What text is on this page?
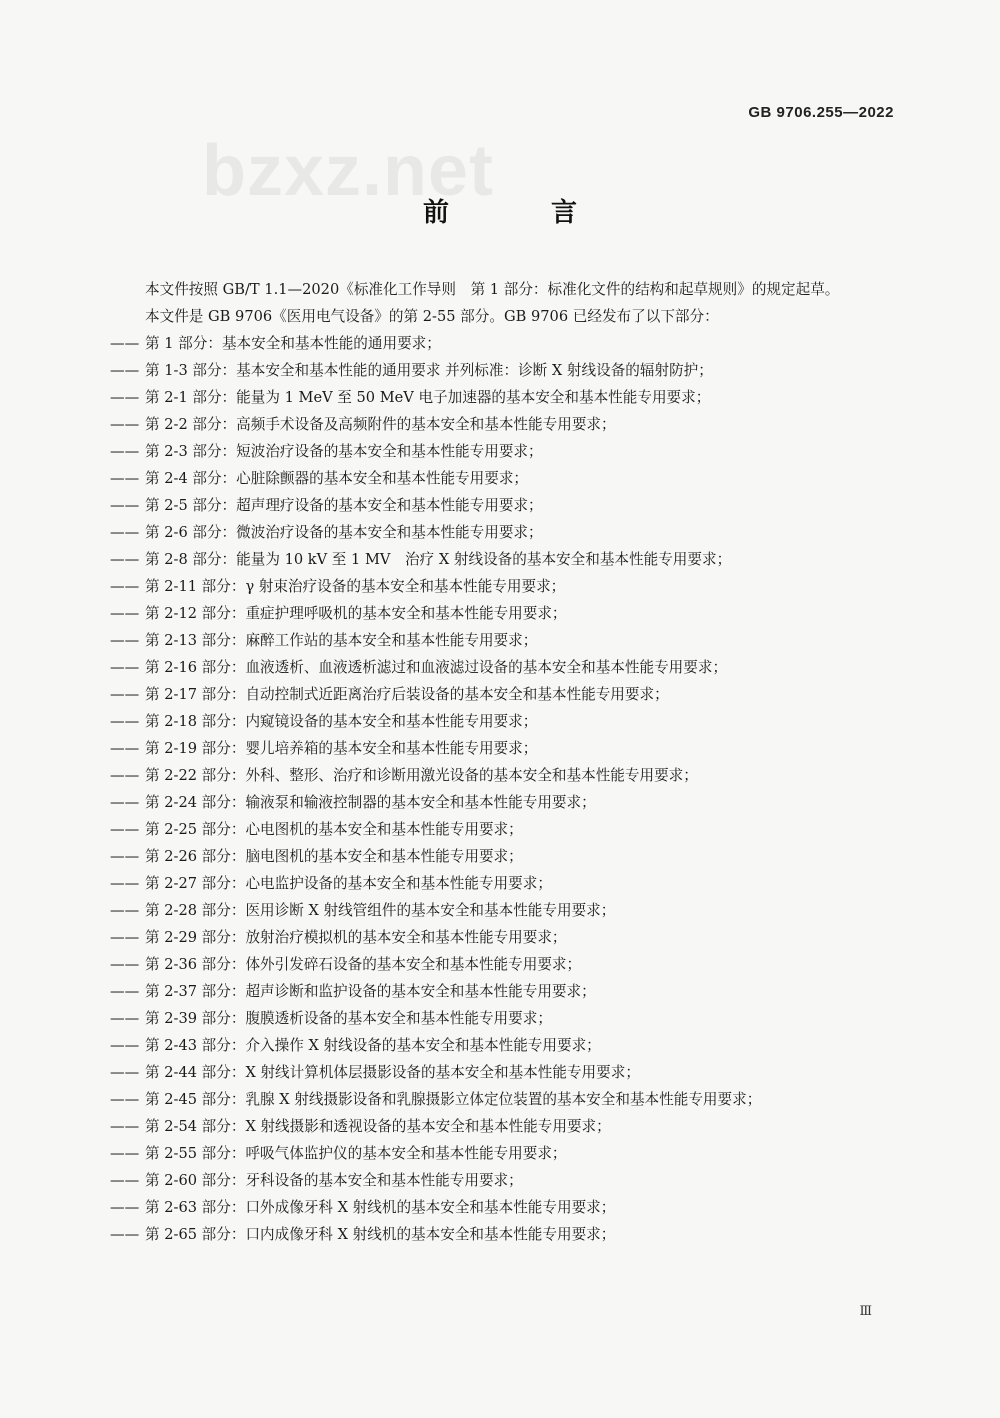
GB 9706.255—2022
bzxz.net
前　言

本文件按照 GB/T 1.1—2020《标准化工作导则　第 1 部分：标准化文件的结构和起草规则》的规定起草。

本文件是 GB 9706《医用电气设备》的第 2-55 部分。GB 9706 已经发布了以下部分：

—— 第 1 部分：基本安全和基本性能的通用要求；
—— 第 1-3 部分：基本安全和基本性能的通用要求 并列标准：诊断 X 射线设备的辐射防护；
—— 第 2-1 部分：能量为 1 MeV 至 50 MeV 电子加速器的基本安全和基本性能专用要求；
—— 第 2-2 部分：高频手术设备及高频附件的基本安全和基本性能专用要求；
—— 第 2-3 部分：短波治疗设备的基本安全和基本性能专用要求；
—— 第 2-4 部分：心脏除颤器的基本安全和基本性能专用要求；
—— 第 2-5 部分：超声理疗设备的基本安全和基本性能专用要求；
—— 第 2-6 部分：微波治疗设备的基本安全和基本性能专用要求；
—— 第 2-8 部分：能量为 10 kV 至 1 MV　治疗 X 射线设备的基本安全和基本性能专用要求；
—— 第 2-11 部分：γ 射束治疗设备的基本安全和基本性能专用要求；
—— 第 2-12 部分：重症护理呼吸机的基本安全和基本性能专用要求；
—— 第 2-13 部分：麻醉工作站的基本安全和基本性能专用要求；
—— 第 2-16 部分：血液透析、血液透析滤过和血液滤过设备的基本安全和基本性能专用要求；
—— 第 2-17 部分：自动控制式近距离治疗后装设备的基本安全和基本性能专用要求；
—— 第 2-18 部分：内窥镜设备的基本安全和基本性能专用要求；
—— 第 2-19 部分：婴儿培养箱的基本安全和基本性能专用要求；
—— 第 2-22 部分：外科、整形、治疗和诊断用激光设备的基本安全和基本性能专用要求；
—— 第 2-24 部分：输液泵和输液控制器的基本安全和基本性能专用要求；
—— 第 2-25 部分：心电图机的基本安全和基本性能专用要求；
—— 第 2-26 部分：脑电图机的基本安全和基本性能专用要求；
—— 第 2-27 部分：心电监护设备的基本安全和基本性能专用要求；
—— 第 2-28 部分：医用诊断 X 射线管组件的基本安全和基本性能专用要求；
—— 第 2-29 部分：放射治疗模拟机的基本安全和基本性能专用要求；
—— 第 2-36 部分：体外引发碎石设备的基本安全和基本性能专用要求；
—— 第 2-37 部分：超声诊断和监护设备的基本安全和基本性能专用要求；
—— 第 2-39 部分：腹膜透析设备的基本安全和基本性能专用要求；
—— 第 2-43 部分：介入操作 X 射线设备的基本安全和基本性能专用要求；
—— 第 2-44 部分：X 射线计算机体层摄影设备的基本安全和基本性能专用要求；
—— 第 2-45 部分：乳腺 X 射线摄影设备和乳腺摄影立体定位装置的基本安全和基本性能专用要求；
—— 第 2-54 部分：X 射线摄影和透视设备的基本安全和基本性能专用要求；
—— 第 2-55 部分：呼吸气体监护仪的基本安全和基本性能专用要求；
—— 第 2-60 部分：牙科设备的基本安全和基本性能专用要求；
—— 第 2-63 部分：口外成像牙科 X 射线机的基本安全和基本性能专用要求；
—— 第 2-65 部分：口内成像牙科 X 射线机的基本安全和基本性能专用要求；
Ⅲ
